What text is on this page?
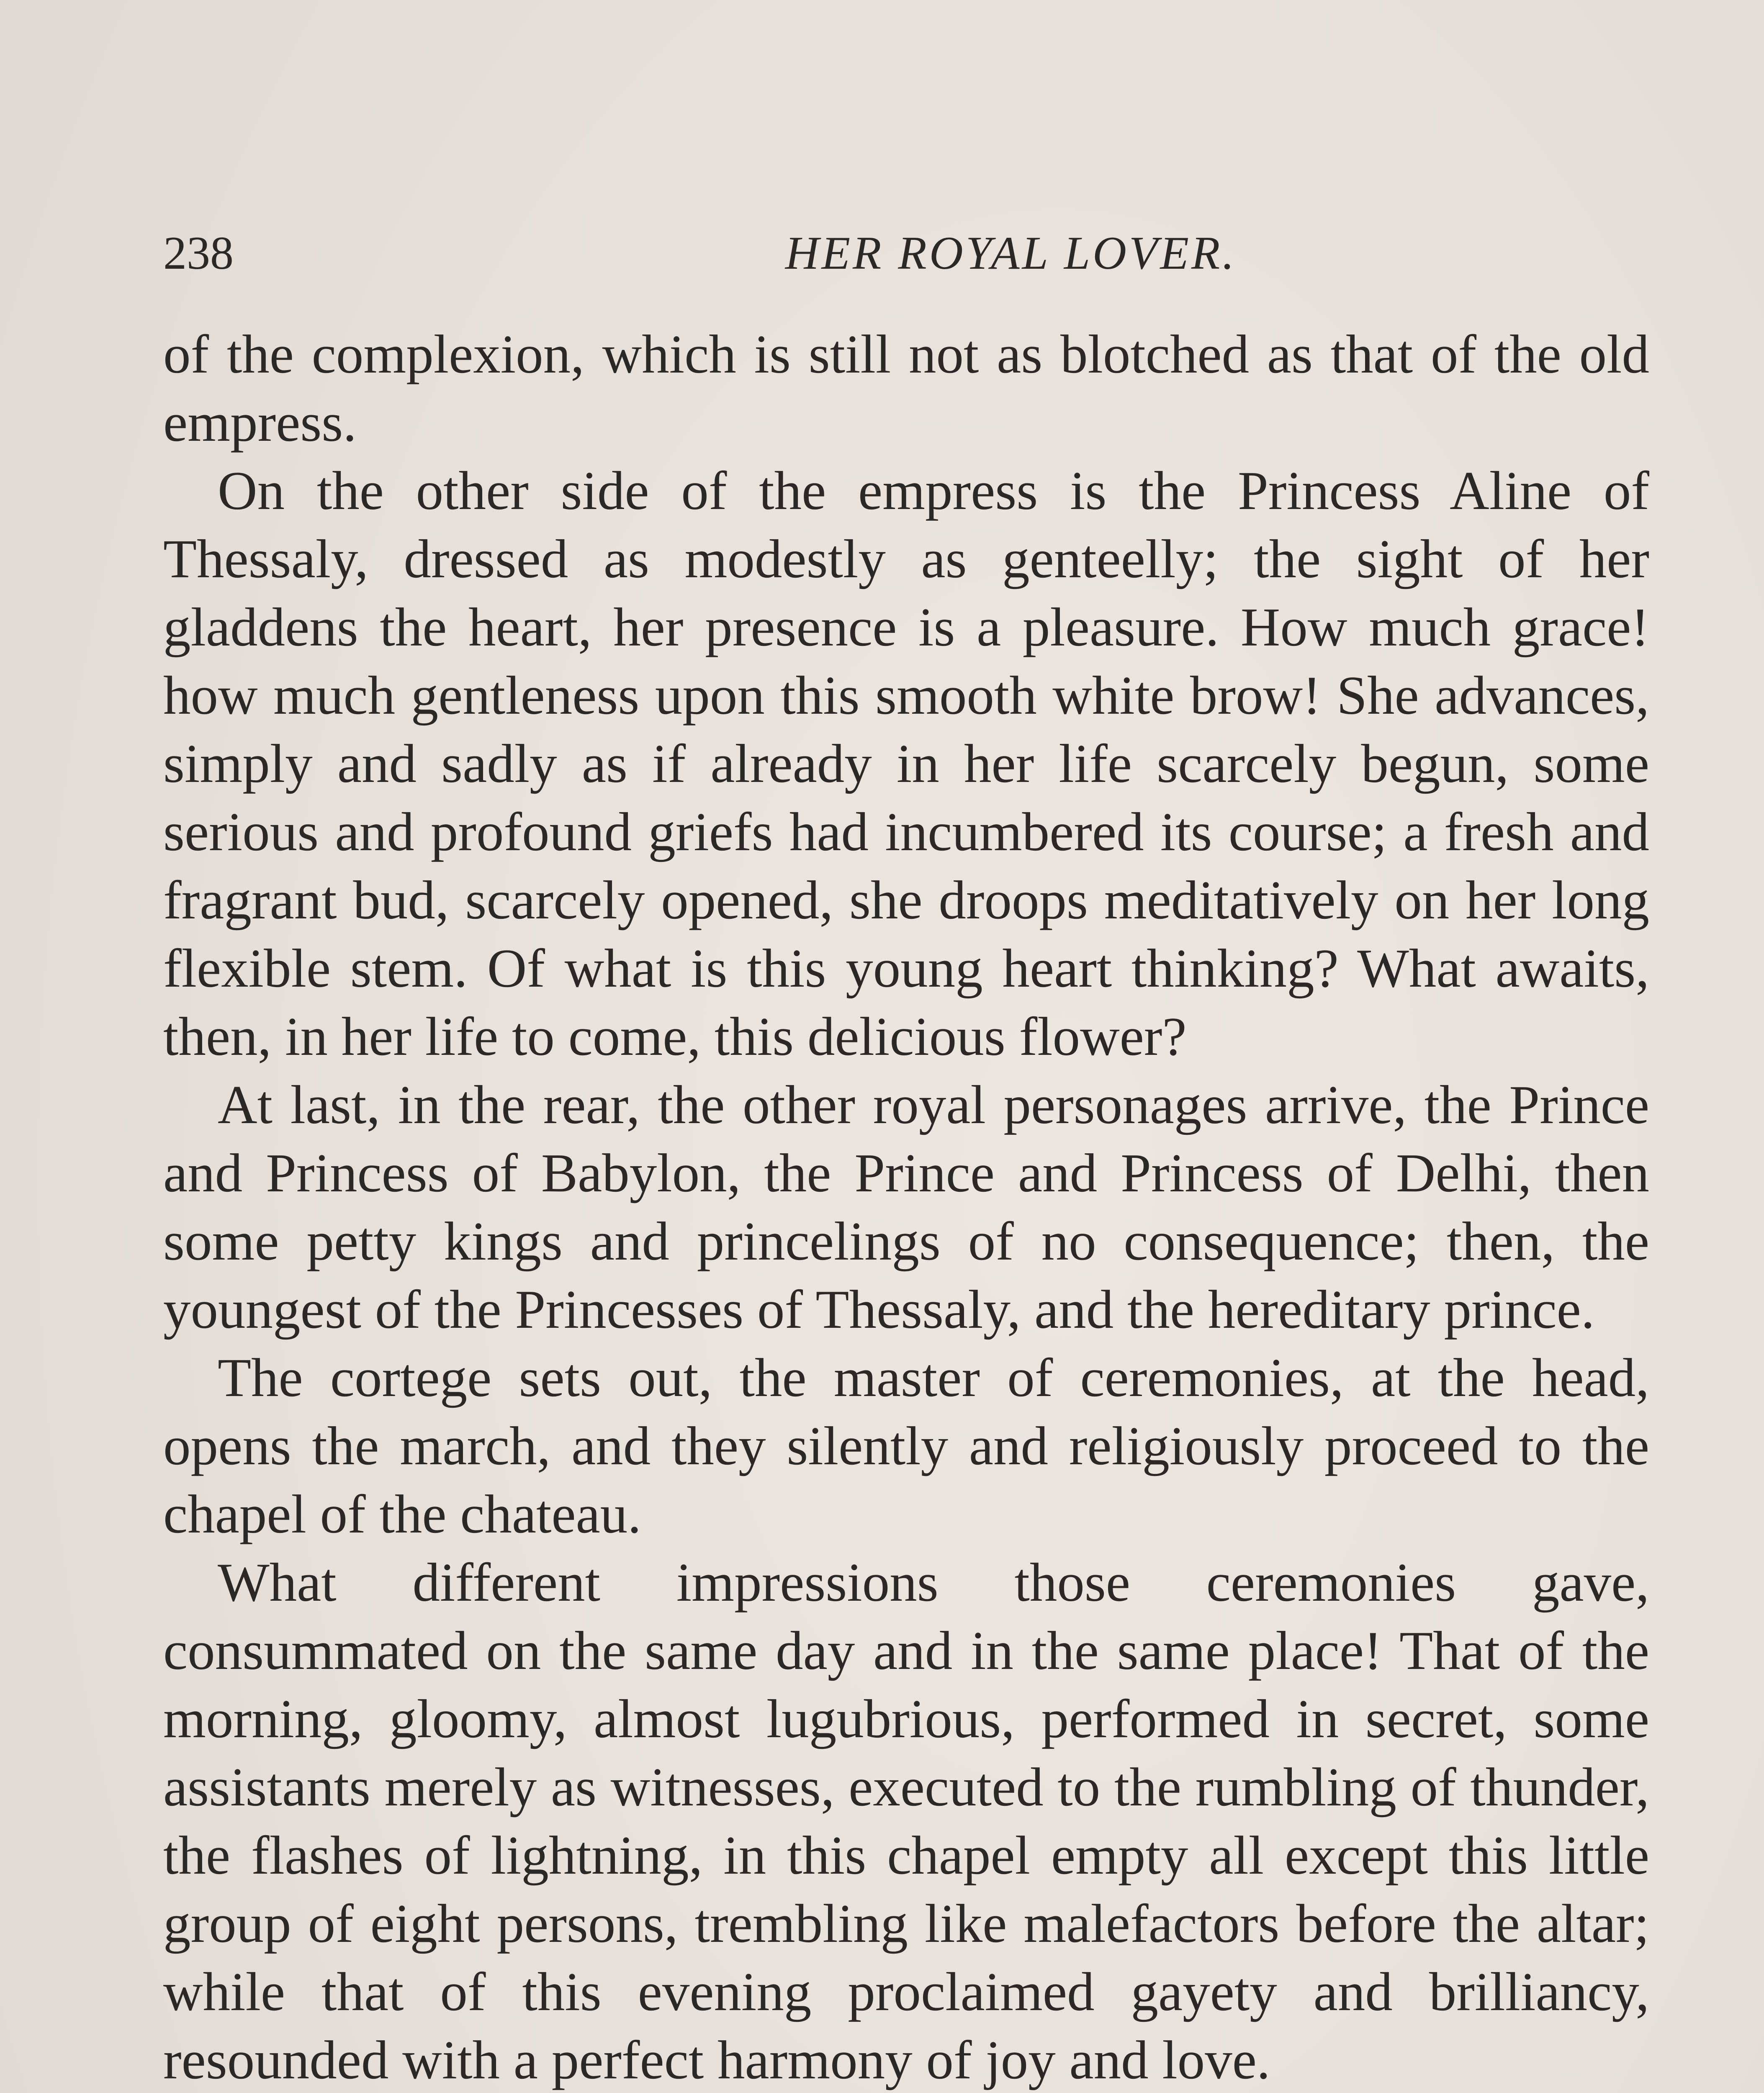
238	HER ROYAL LOVER.

of the complexion, which is still not as blotched as that of the old empress.

On the other side of the empress is the Princess Aline of Thessaly, dressed as modestly as genteelly; the sight of her gladdens the heart, her presence is a pleasure. How much grace! how much gentleness upon this smooth white brow! She advances, simply and sadly as if already in her life scarcely begun, some serious and profound griefs had incumbered its course; a fresh and fragrant bud, scarcely opened, she droops meditatively on her long flexible stem. Of what is this young heart thinking? What awaits, then, in her life to come, this delicious flower?

At last, in the rear, the other royal personages arrive, the Prince and Princess of Babylon, the Prince and Princess of Delhi, then some petty kings and princelings of no consequence; then, the youngest of the Princesses of Thessaly, and the hereditary prince.

The cortege sets out, the master of ceremonies, at the head, opens the march, and they silently and religiously proceed to the chapel of the chateau.

What different impressions those ceremonies gave, consummated on the same day and in the same place! That of the morning, gloomy, almost lugubrious, performed in secret, some assistants merely as witnesses, executed to the rumbling of thunder, the flashes of lightning, in this chapel empty all except this little group of eight persons, trembling like malefactors before the altar; while that of this evening proclaimed gayety and brilliancy, resounded with a perfect harmony of joy and love.
